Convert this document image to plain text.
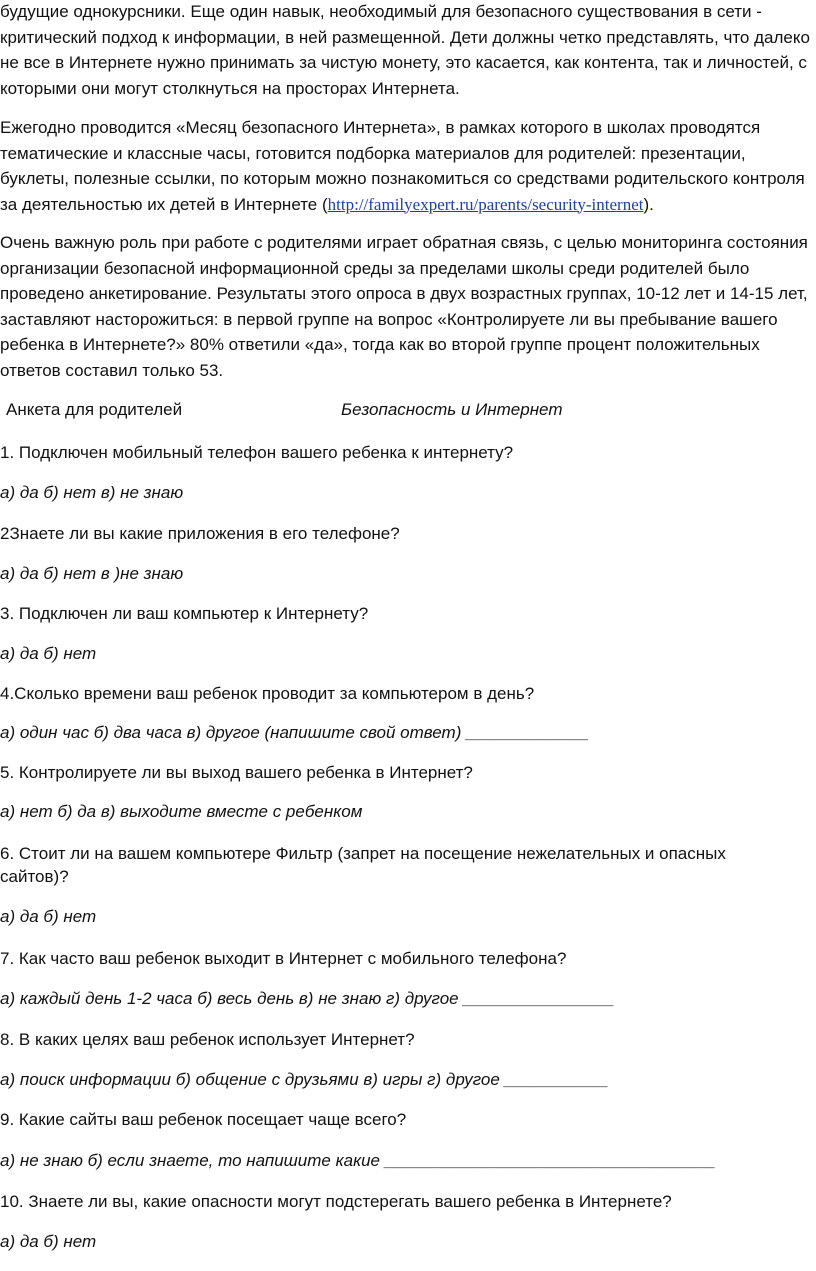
будущие однокурсники. Еще один навык, необходимый для безопасного существования в сети - критический подход к информации, в ней размещенной. Дети должны четко представлять, что далеко не все в Интернете нужно принимать за чистую монету, это касается, как контента, так и личностей, с которыми они могут столкнуться на просторах Интернета.

Ежегодно проводится «Месяц безопасного Интернета», в рамках которого в школах проводятся тематические и классные часы, готовится подборка материалов для родителей: презентации, буклеты, полезные ссылки, по которым можно познакомиться со средствами родительского контроля за деятельностью их детей в Интернете (http://familyexpert.ru/parents/security-internet).

Очень важную роль при работе с родителями играет обратная связь, с целью мониторинга состояния организации безопасной информационной среды за пределами школы среди родителей было проведено анкетирование. Результаты этого опроса в двух возрастных группах, 10-12 лет и 14-15 лет, заставляют насторожиться: в первой группе на вопрос «Контролируете ли вы пребывание вашего ребенка в Интернете?» 80% ответили «да», тогда как во второй группе процент положительных ответов составил только 53.

Анкета для родителей	Безопасность и Интернет
1. Подключен мобильный телефон вашего ребенка к интернету?
а) да б) нет в) не знаю
2Знаете ли вы какие приложения в его телефоне?
а) да б) нет в )не знаю
3. Подключен ли ваш компьютер к Интернету?
а) да б) нет
4.Сколько времени ваш ребенок проводит за компьютером в день?
а) один час б) два часа в) другое (напишите свой ответ) _____________
5. Контролируете ли вы выход вашего ребенка в Интернет?
а) нет б) да в) выходите вместе с ребенком
6. Стоит ли на вашем компьютере Фильтр (запрет на посещение нежелательных и опасных
сайтов)?
а) да б) нет
7. Как часто ваш ребенок выходит в Интернет с мобильного телефона?
а) каждый день 1-2 часа б) весь день в) не знаю г) другое ________________
8. В каких целях ваш ребенок использует Интернет?
а) поиск информации б) общение с друзьями в) игры г) другое ___________
9. Какие сайты ваш ребенок посещает чаще всего?
а) не знаю б) если знаете, то напишите какие ___________________________________
10. Знаете ли вы, какие опасности могут подстерегать вашего ребенка в Интернете?
а) да б) нет
